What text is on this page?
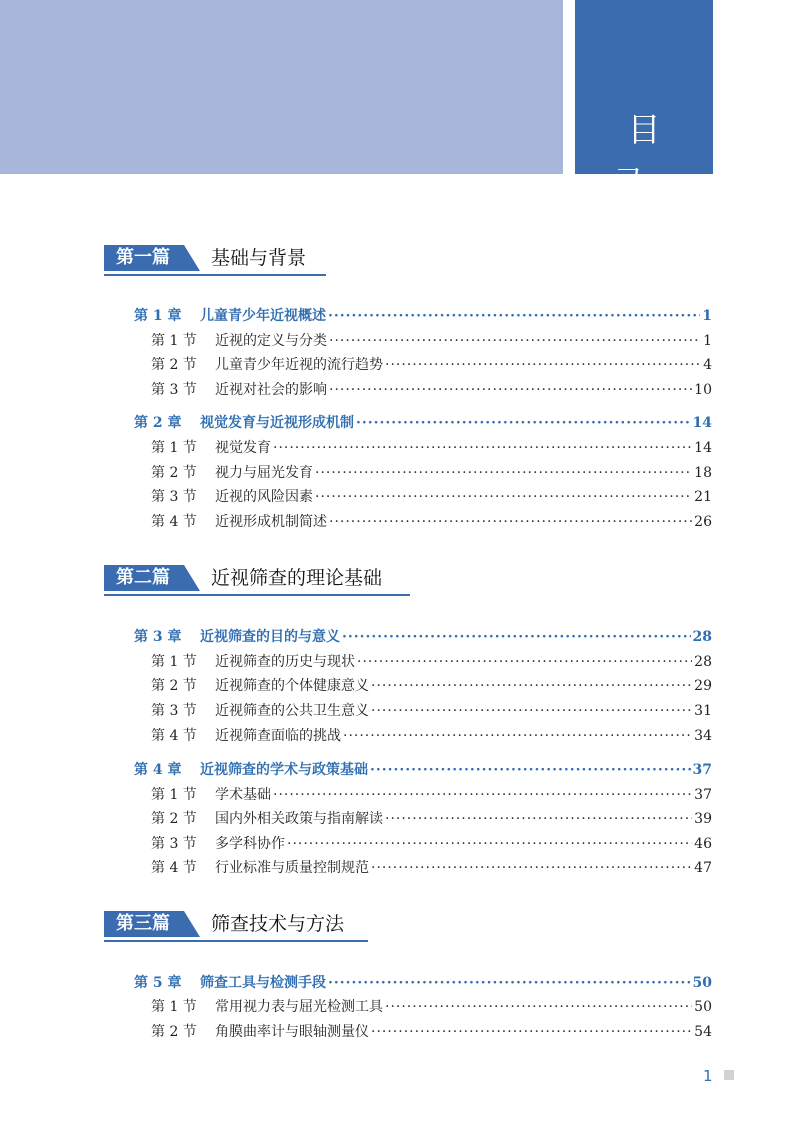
目 录
第一篇	基础与背景
第 1 章	儿童青少年近视概述 ·····	1
第 1 节	近视的定义与分类 ·····	1
第 2 节	儿童青少年近视的流行趋势 ·····	4
第 3 节	近视对社会的影响 ·····	10
第 2 章	视觉发育与近视形成机制 ·····	14
第 1 节	视觉发育 ·····	14
第 2 节	视力与屈光发育 ·····	18
第 3 节	近视的风险因素 ·····	21
第 4 节	近视形成机制简述 ·····	26
第二篇	近视筛查的理论基础
第 3 章	近视筛查的目的与意义 ·····	28
第 1 节	近视筛查的历史与现状 ·····	28
第 2 节	近视筛查的个体健康意义 ·····	29
第 3 节	近视筛查的公共卫生意义 ·····	31
第 4 节	近视筛查面临的挑战 ·····	34
第 4 章	近视筛查的学术与政策基础 ·····	37
第 1 节	学术基础 ·····	37
第 2 节	国内外相关政策与指南解读 ·····	39
第 3 节	多学科协作 ·····	46
第 4 节	行业标准与质量控制规范 ·····	47
第三篇	筛查技术与方法
第 5 章	筛查工具与检测手段 ·····	50
第 1 节	常用视力表与屈光检测工具 ·····	50
第 2 节	角膜曲率计与眼轴测量仪 ·····	54
1
